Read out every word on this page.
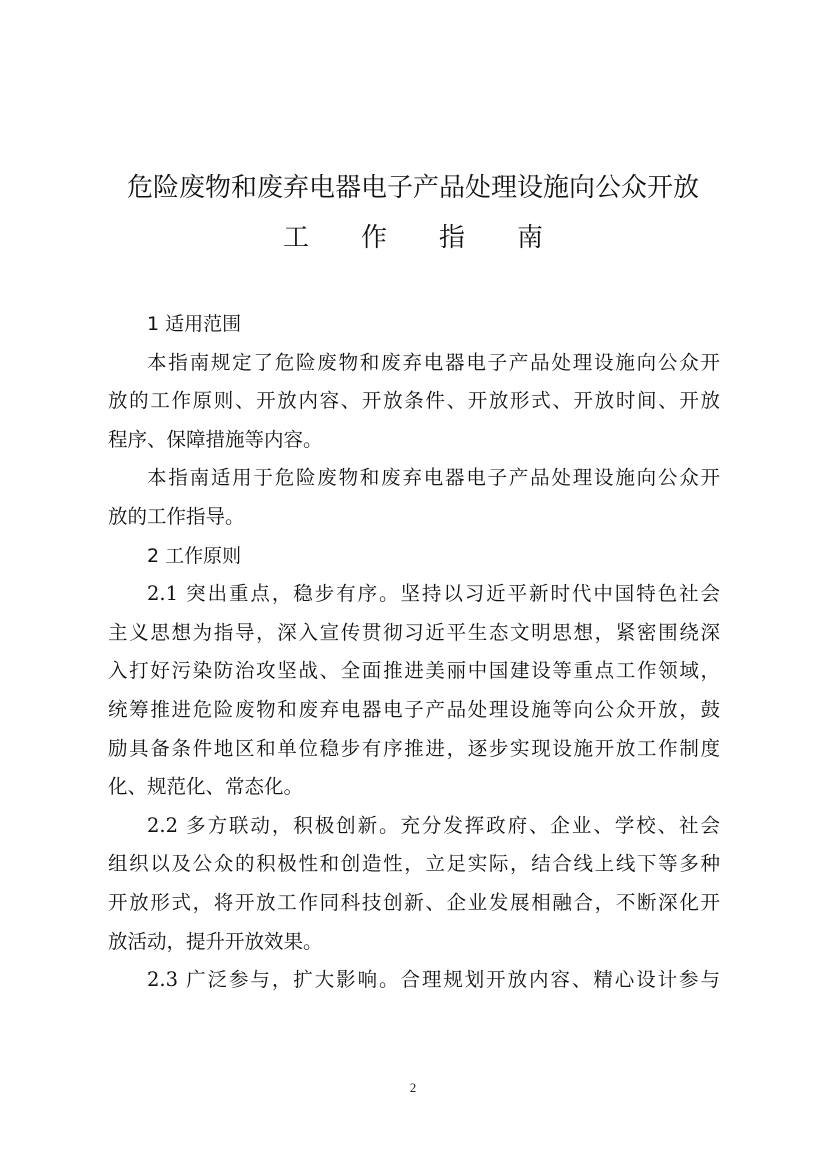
危险废物和废弃电器电子产品处理设施向公众开放
工 作 指 南
1 适用范围
本指南规定了危险废物和废弃电器电子产品处理设施向公众开
放的工作原则、开放内容、开放条件、开放形式、开放时间、开放
程序、保障措施等内容。
本指南适用于危险废物和废弃电器电子产品处理设施向公众开
放的工作指导。
2 工作原则
2.1 突出重点，稳步有序。坚持以习近平新时代中国特色社会
主义思想为指导，深入宣传贯彻习近平生态文明思想，紧密围绕深
入打好污染防治攻坚战、全面推进美丽中国建设等重点工作领域，
统筹推进危险废物和废弃电器电子产品处理设施等向公众开放，鼓
励具备条件地区和单位稳步有序推进，逐步实现设施开放工作制度
化、规范化、常态化。
2.2 多方联动，积极创新。充分发挥政府、企业、学校、社会
组织以及公众的积极性和创造性，立足实际，结合线上线下等多种
开放形式，将开放工作同科技创新、企业发展相融合，不断深化开
放活动，提升开放效果。
2.3 广泛参与，扩大影响。合理规划开放内容、精心设计参与
2
